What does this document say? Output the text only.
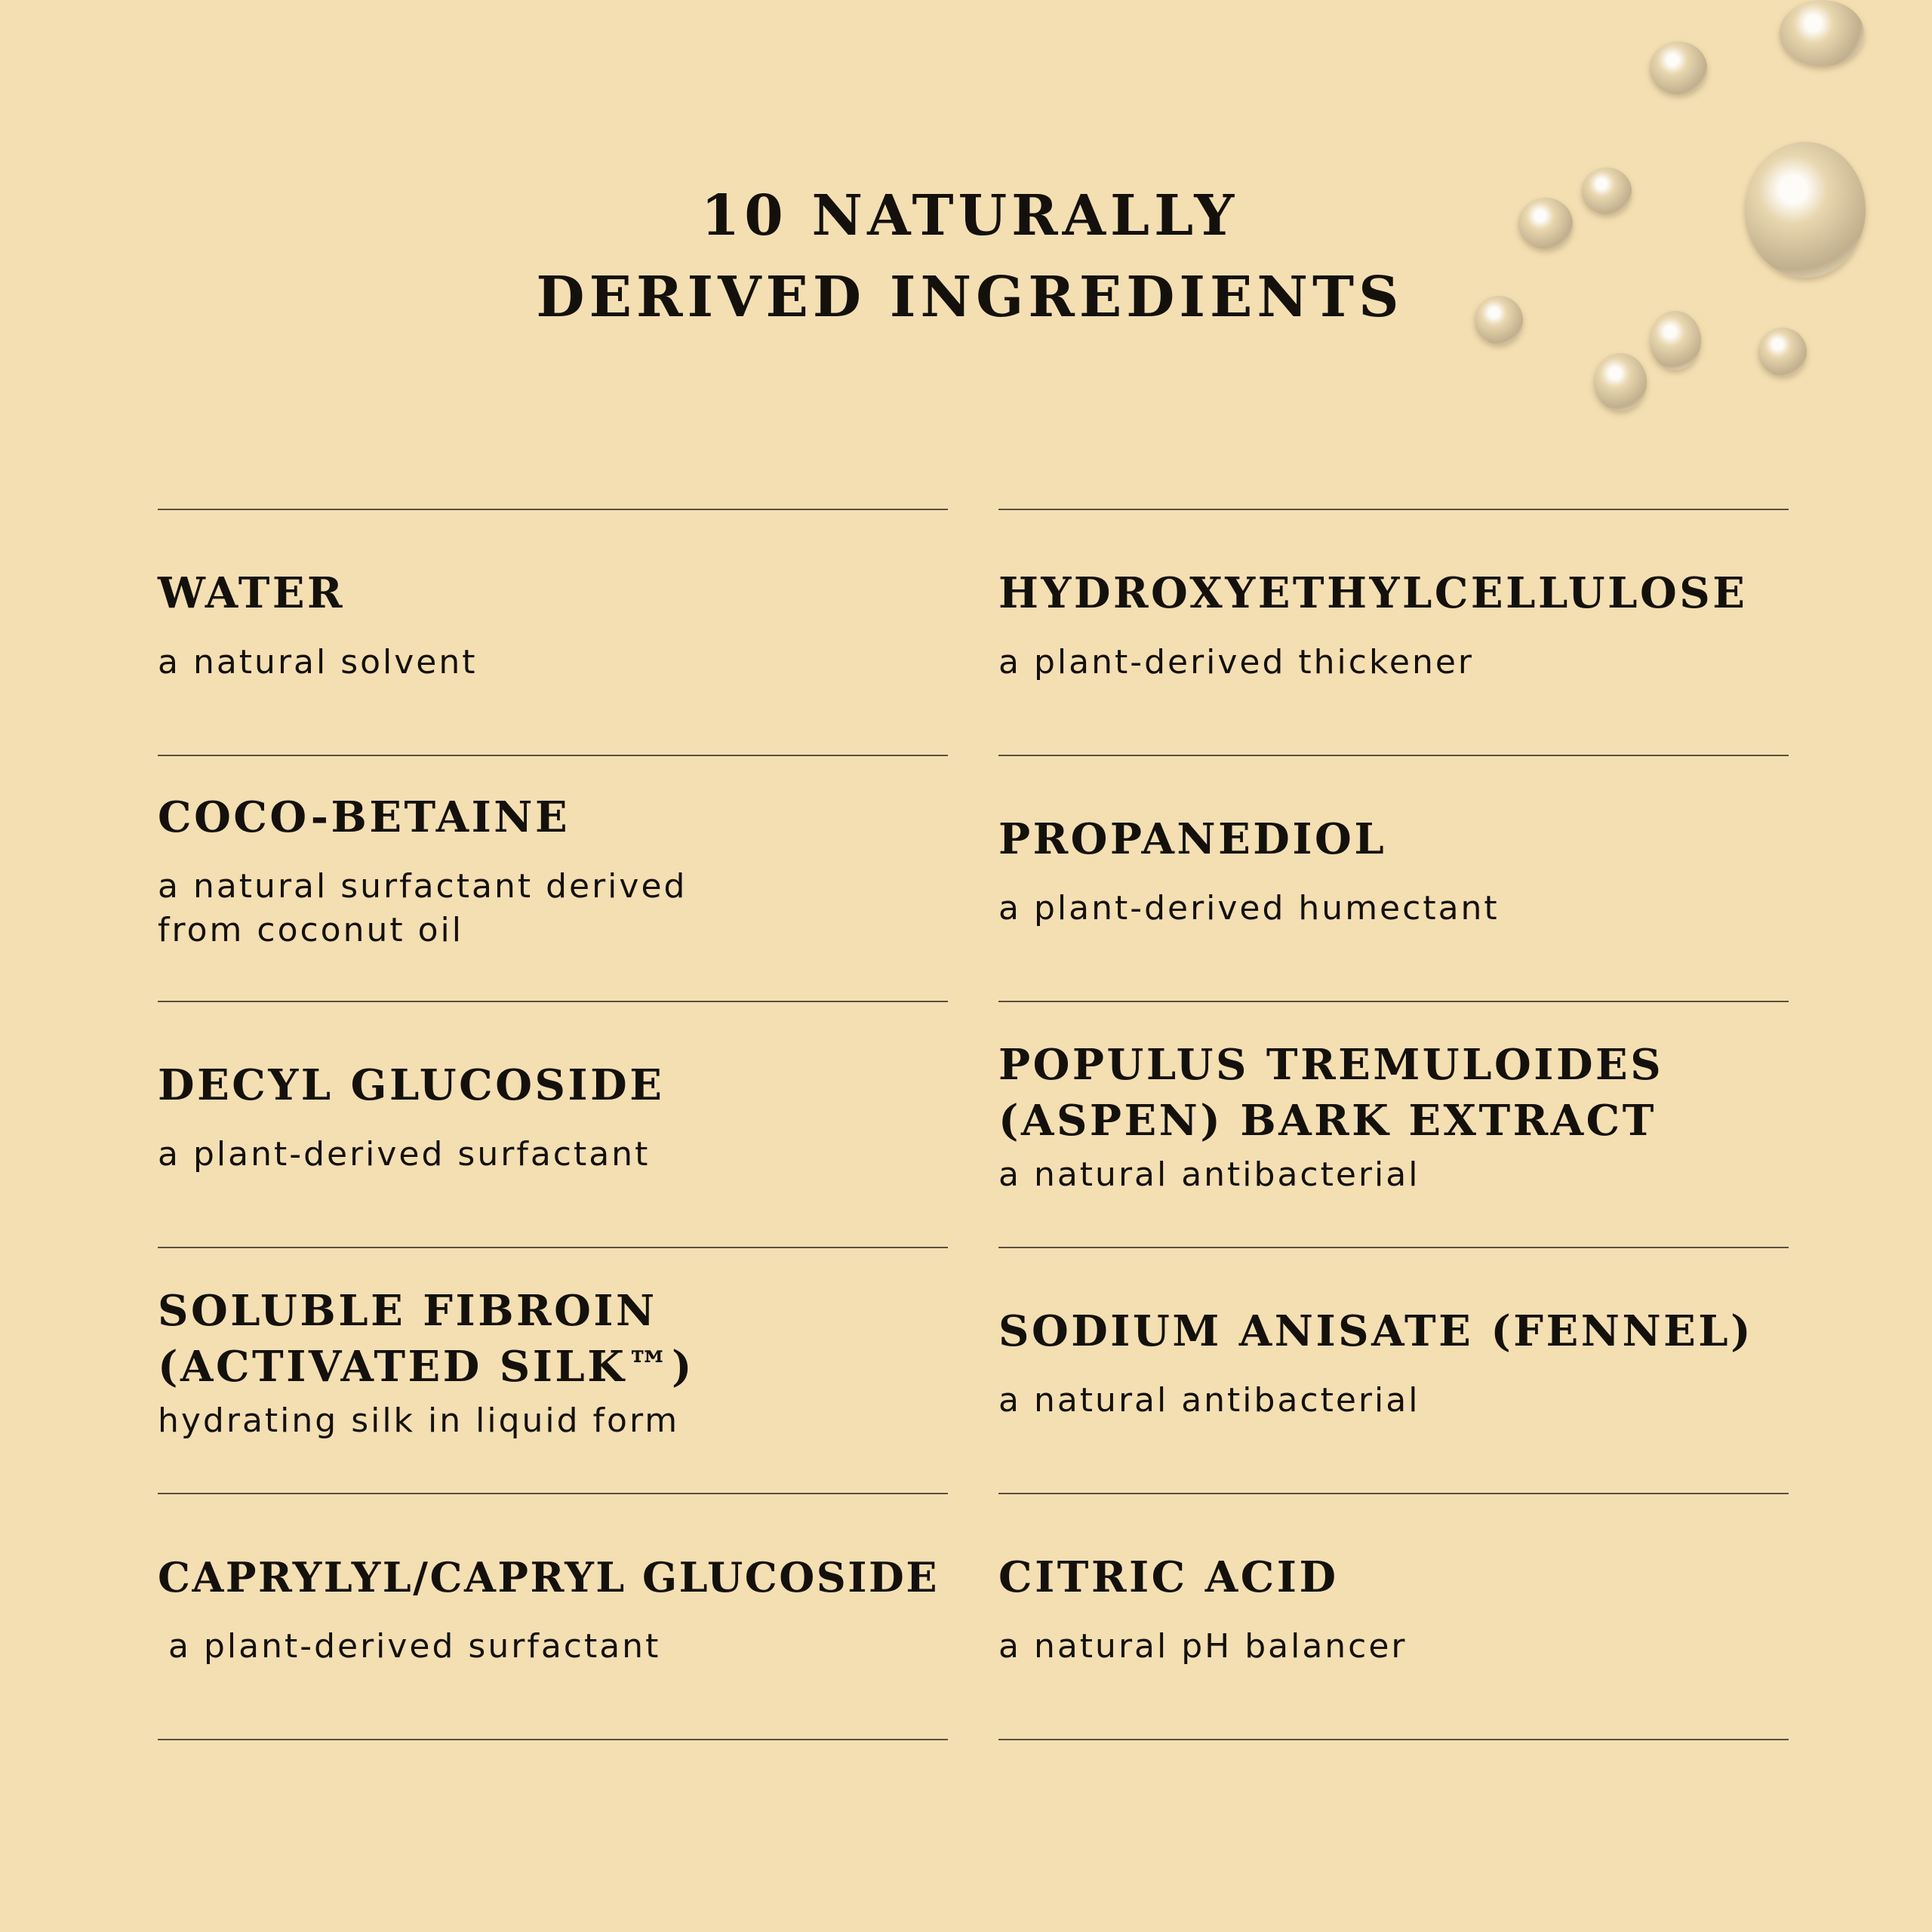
10 NATURALLY
DERIVED INGREDIENTS
WATER
a natural solvent
COCO-BETAINE
a natural surfactant derived from coconut oil
DECYL GLUCOSIDE
a plant-derived surfactant
SOLUBLE FIBROIN (ACTIVATED SILK™)
hydrating silk in liquid form
CAPRYLYL/CAPRYL GLUCOSIDE
a plant-derived surfactant
HYDROXYETHYLCELLULOSE
a plant-derived thickener
PROPANEDIOL
a plant-derived humectant
POPULUS TREMULOIDES (ASPEN) BARK EXTRACT
a natural antibacterial
SODIUM ANISATE (FENNEL)
a natural antibacterial
CITRIC ACID
a natural pH balancer
